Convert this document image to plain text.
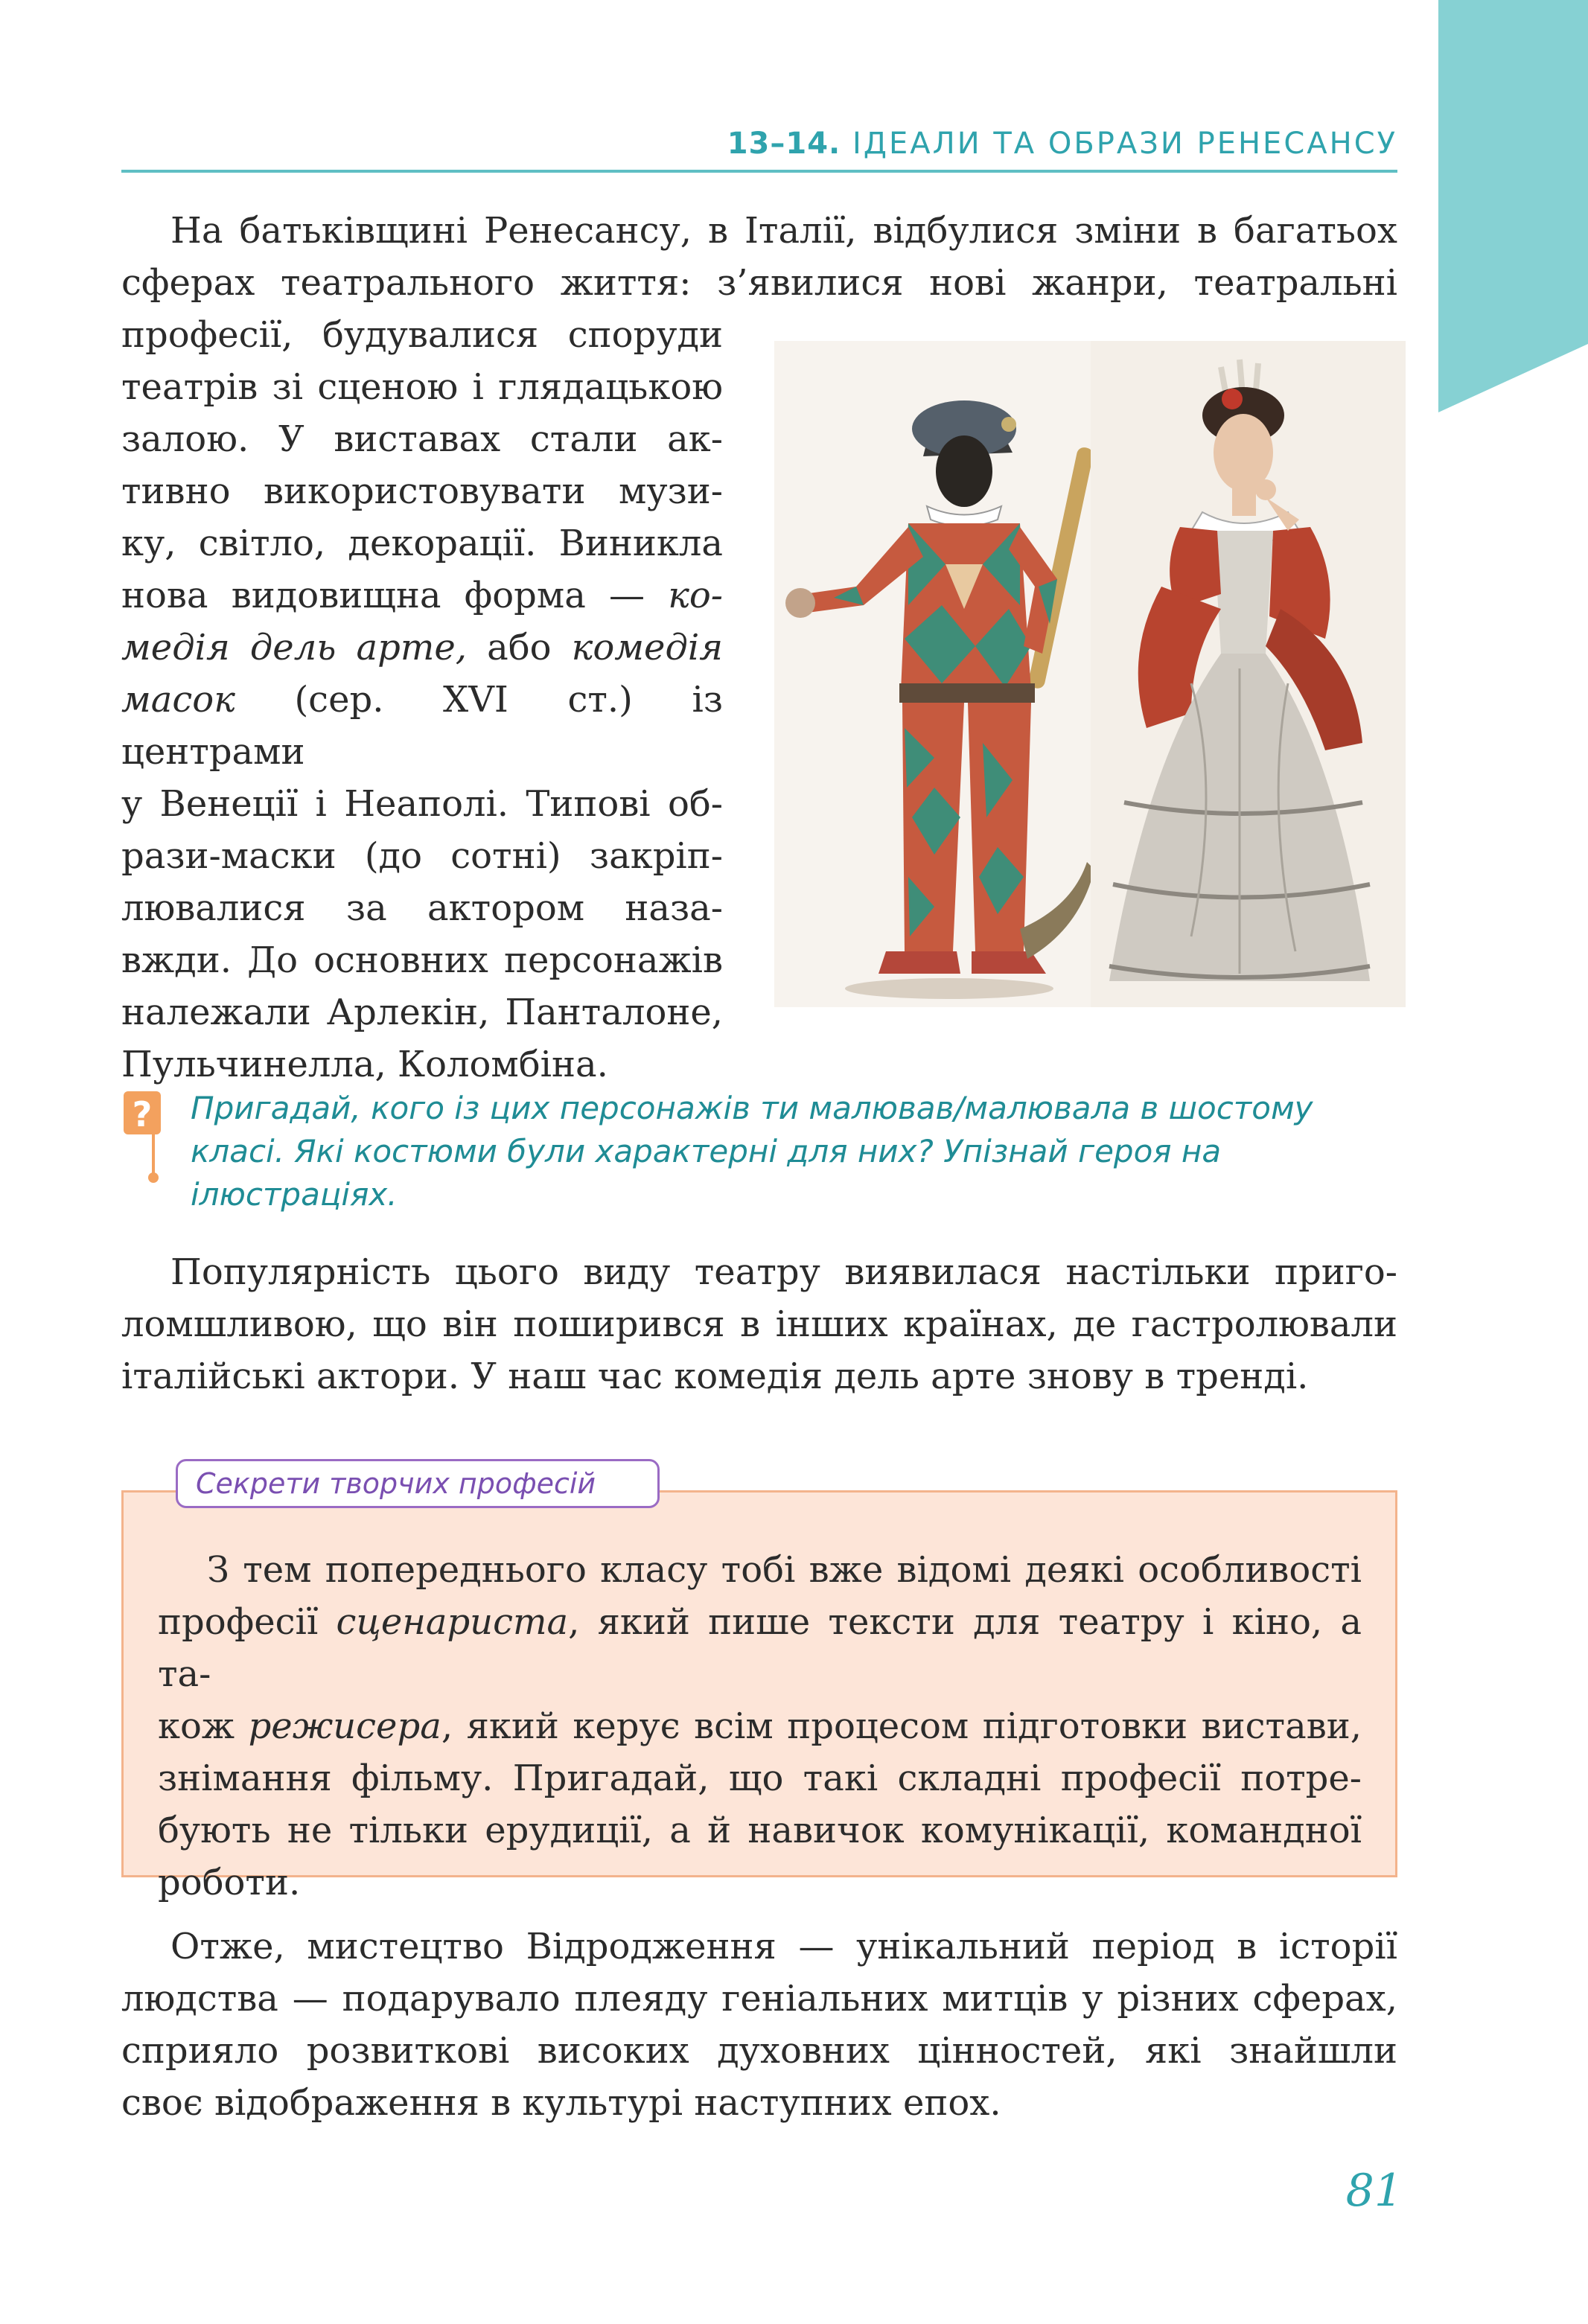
13–14. ІДЕАЛИ ТА ОБРАЗИ РЕНЕСАНСУ
На батьківщині Ренесансу, в Італії, відбулися зміни в багатьох
сферах театрального життя: з’явилися нові жанри, театральні
професії, будувалися споруди
театрів зі сценою і глядацькою
залою. У виставах стали ак-
тивно використовувати музи-
ку, світло, декорації. Виникла
нова видовищна форма — ко-
медія дель арте, або комедія
масок (сер. XVI ст.) із центрами
у Венеції і Неаполі. Типові об-
рази-маски (до сотні) закріп-
лювалися за актором наза-
вжди. До основних персонажів
належали Арлекін, Панталоне,
Пульчинелла, Коломбіна.
? Пригадай, кого із цих персонажів ти малював/малювала в шостому класі. Які костюми були характерні для них? Упізнай героя на ілюстраціях.
Популярність цього виду театру виявилася настільки приго-
ломшливою, що він поширився в інших країнах, де гастролювали
італійські актори. У наш час комедія дель арте знову в тренді.
Секрети творчих професій
З тем попереднього класу тобі вже відомі деякі особливості
професії сценариста, який пише тексти для театру і кіно, а та-
кож режисера, який керує всім процесом підготовки вистави,
знімання фільму. Пригадай, що такі складні професії потре-
бують не тільки ерудиції, а й навичок комунікації, командної
роботи.
Отже, мистецтво Відродження — унікальний період в історії
людства — подарувало плеяду геніальних митців у різних сферах,
сприяло розвиткові високих духовних цінностей, які знайшли
своє відображення в культурі наступних епох.
81
